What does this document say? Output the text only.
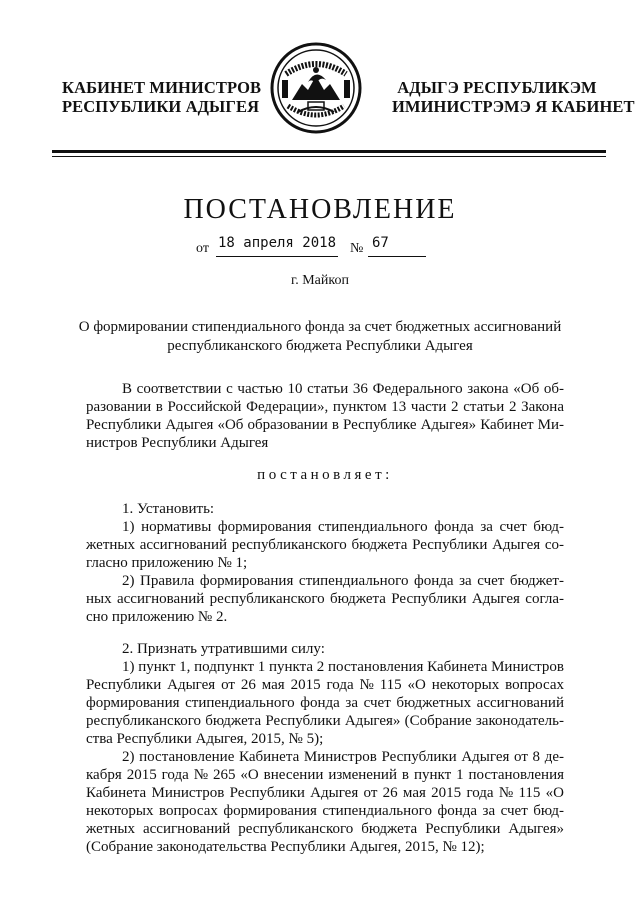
КАБИНЕТ МИНИСТРОВ
РЕСПУБЛИКИ АДЫГЕЯ
АДЫГЭ РЕСПУБЛИКЭМ
ИМИНИСТРЭМЭ Я КАБИНЕТ
ПОСТАНОВЛЕНИЕ
от 18 апреля 2018 № 67
г. Майкоп
О формировании стипендиального фонда за счет бюджетных ассигнований
республиканского бюджета Республики Адыгея
В соответствии с частью 10 статьи 36 Федерального закона «Об об-
разовании в Российской Федерации», пунктом 13 части 2 статьи 2 Закона
Республики Адыгея «Об образовании в Республике Адыгея» Кабинет Ми-
нистров Республики Адыгея
постановляет:
1. Установить:
1) нормативы формирования стипендиального фонда за счет бюд-
жетных ассигнований республиканского бюджета Республики Адыгея со-
гласно приложению № 1;
2) Правила формирования стипендиального фонда за счет бюджет-
ных ассигнований республиканского бюджета Республики Адыгея согла-
сно приложению № 2.
2. Признать утратившими силу:
1) пункт 1, подпункт 1 пункта 2 постановления Кабинета Министров
Республики Адыгея от 26 мая 2015 года № 115 «О некоторых вопросах
формирования стипендиального фонда за счет бюджетных ассигнований
республиканского бюджета Республики Адыгея» (Собрание законодатель-
ства Республики Адыгея, 2015, № 5);
2) постановление Кабинета Министров Республики Адыгея от 8 де-
кабря 2015 года № 265 «О внесении изменений в пункт 1 постановления
Кабинета Министров Республики Адыгея от 26 мая 2015 года № 115 «О
некоторых вопросах формирования стипендиального фонда за счет бюд-
жетных ассигнований республиканского бюджета Республики Адыгея»
(Собрание законодательства Республики Адыгея, 2015, № 12);
